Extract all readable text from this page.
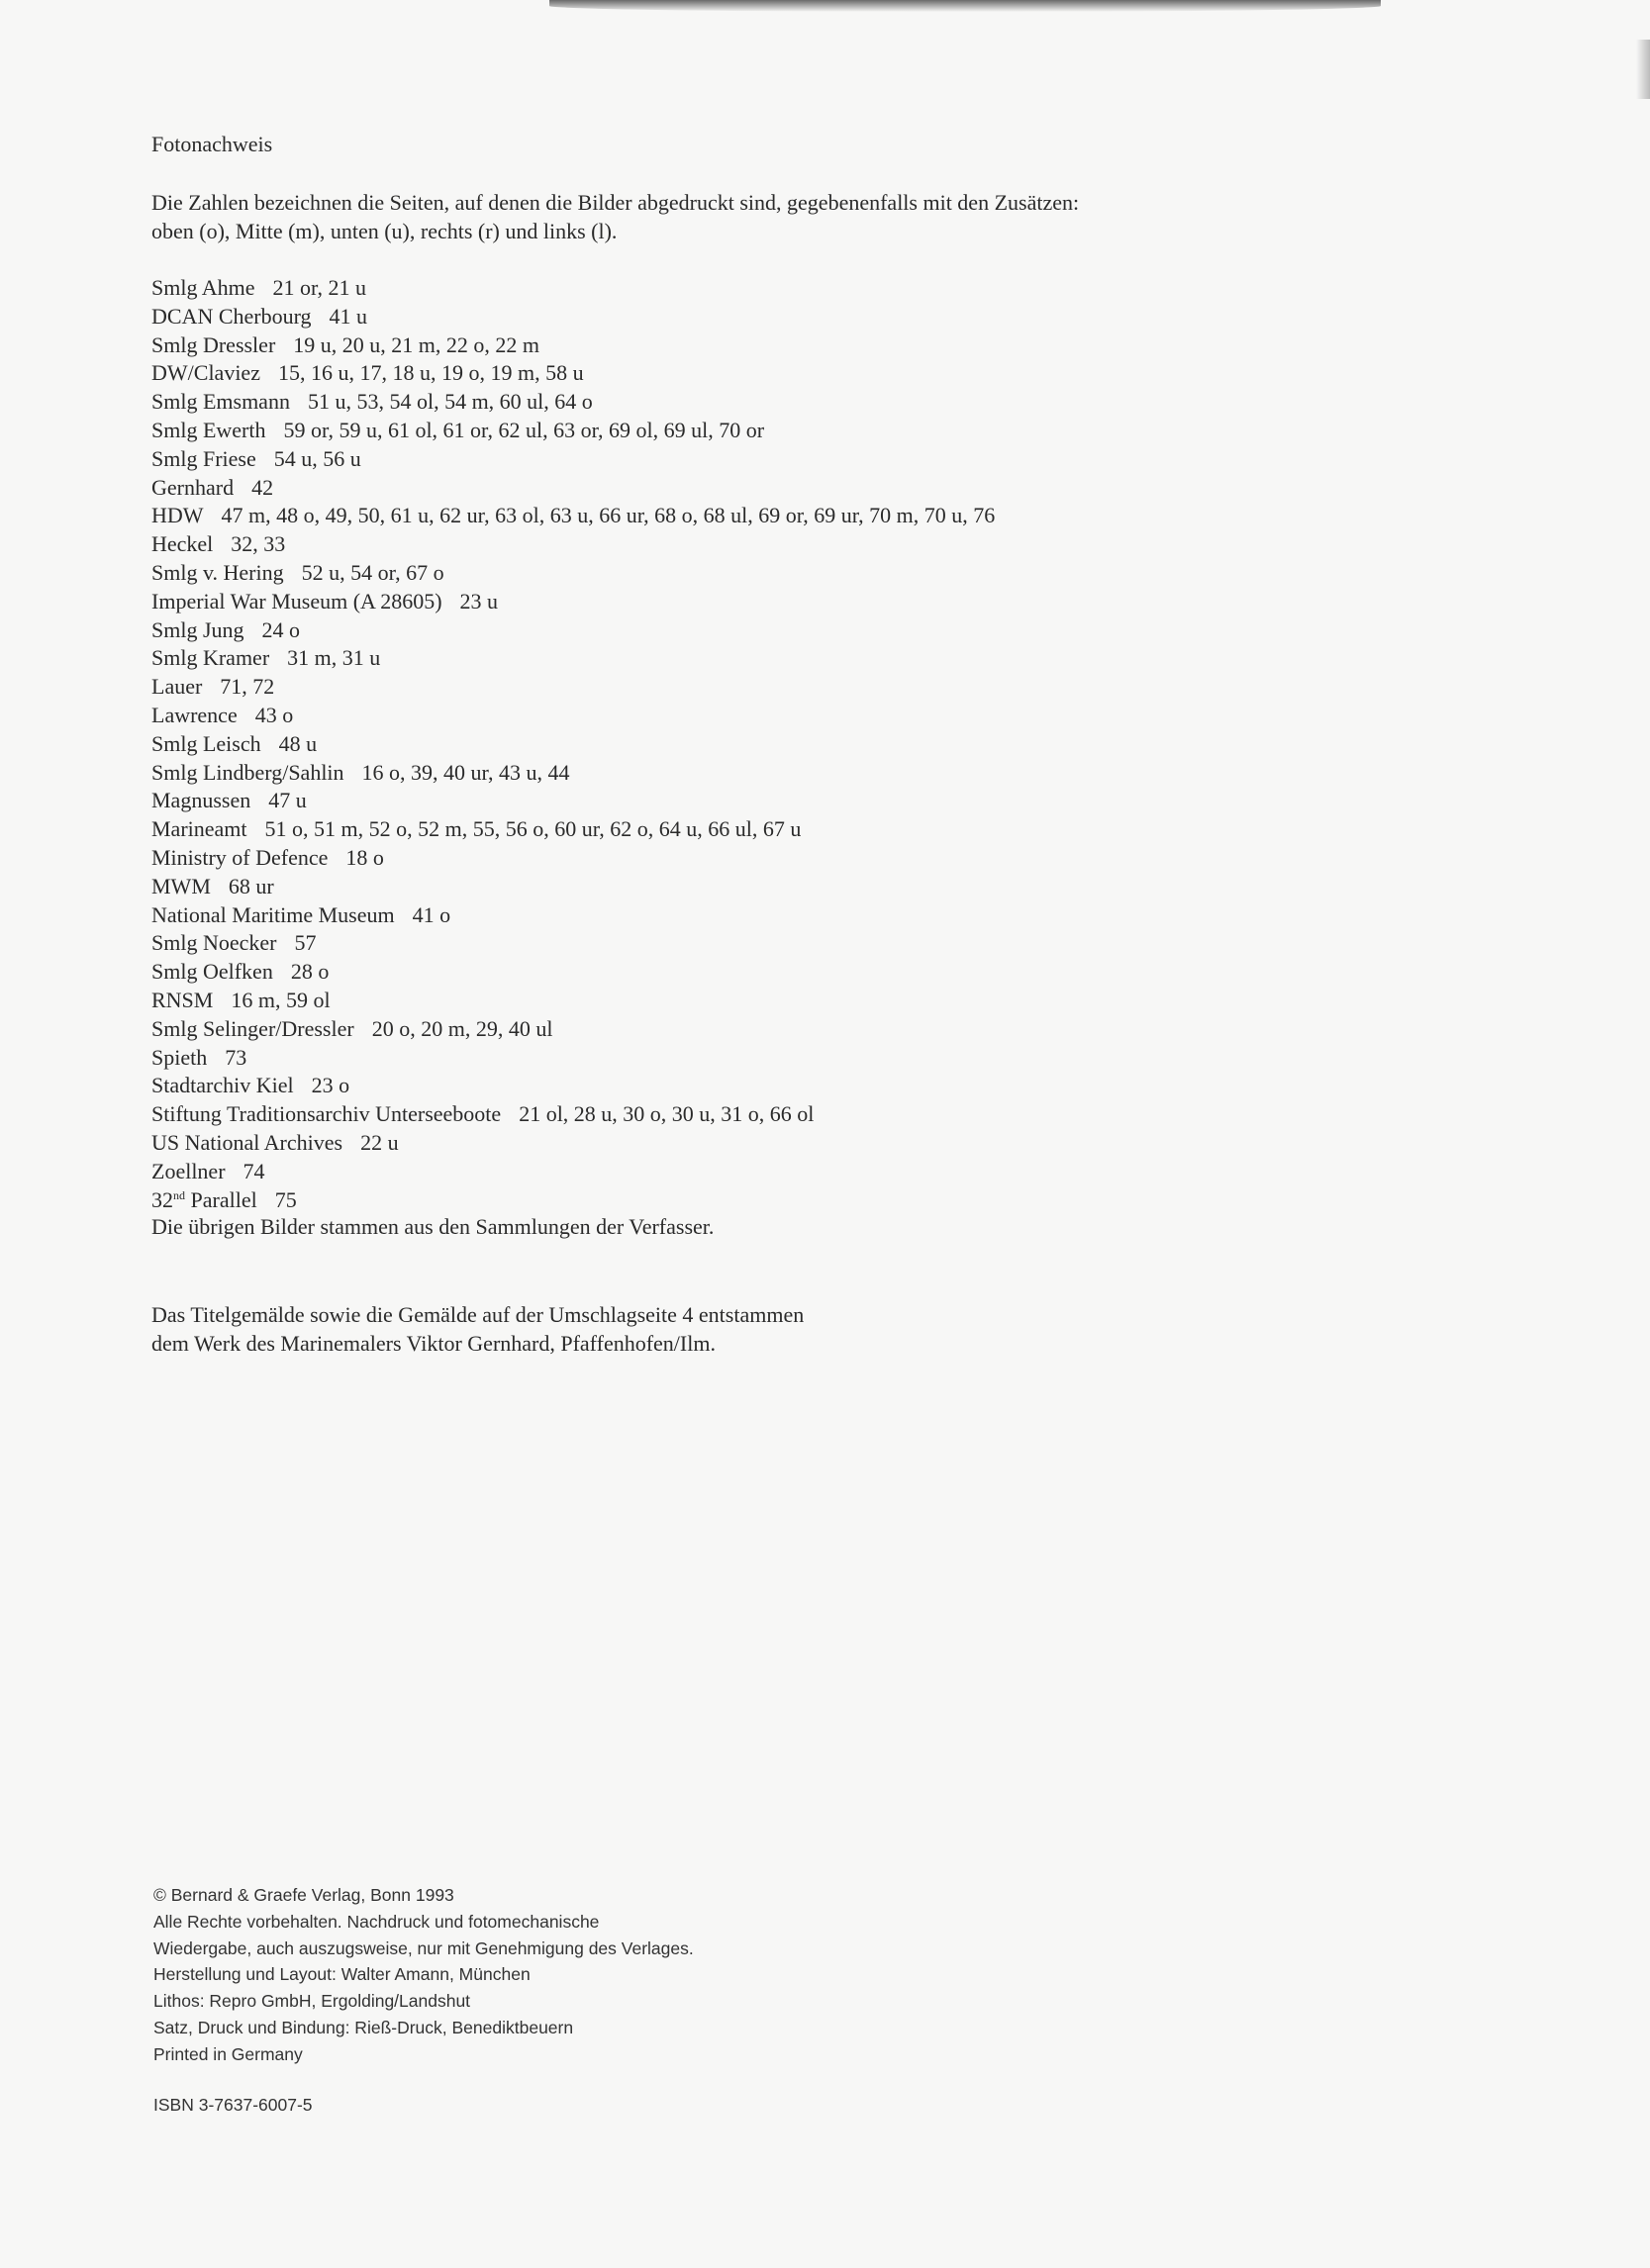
Fotonachweis
Die Zahlen bezeichnen die Seiten, auf denen die Bilder abgedruckt sind, gegebenenfalls mit den Zusätzen:
oben (o), Mitte (m), unten (u), rechts (r) und links (l).
Smlg Ahme 21 or, 21 u
DCAN Cherbourg 41 u
Smlg Dressler 19 u, 20 u, 21 m, 22 o, 22 m
DW/Claviez 15, 16 u, 17, 18 u, 19 o, 19 m, 58 u
Smlg Emsmann 51 u, 53, 54 ol, 54 m, 60 ul, 64 o
Smlg Ewerth 59 or, 59 u, 61 ol, 61 or, 62 ul, 63 or, 69 ol, 69 ul, 70 or
Smlg Friese 54 u, 56 u
Gernhard 42
HDW 47 m, 48 o, 49, 50, 61 u, 62 ur, 63 ol, 63 u, 66 ur, 68 o, 68 ul, 69 or, 69 ur, 70 m, 70 u, 76
Heckel 32, 33
Smlg v. Hering 52 u, 54 or, 67 o
Imperial War Museum (A 28605) 23 u
Smlg Jung 24 o
Smlg Kramer 31 m, 31 u
Lauer 71, 72
Lawrence 43 o
Smlg Leisch 48 u
Smlg Lindberg/Sahlin 16 o, 39, 40 ur, 43 u, 44
Magnussen 47 u
Marineamt 51 o, 51 m, 52 o, 52 m, 55, 56 o, 60 ur, 62 o, 64 u, 66 ul, 67 u
Ministry of Defence 18 o
MWM 68 ur
National Maritime Museum 41 o
Smlg Noecker 57
Smlg Oelfken 28 o
RNSM 16 m, 59 ol
Smlg Selinger/Dressler 20 o, 20 m, 29, 40 ul
Spieth 73
Stadtarchiv Kiel 23 o
Stiftung Traditionsarchiv Unterseeboote 21 ol, 28 u, 30 o, 30 u, 31 o, 66 ol
US National Archives 22 u
Zoellner 74
32nd Parallel 75
Die übrigen Bilder stammen aus den Sammlungen der Verfasser.
Das Titelgemälde sowie die Gemälde auf der Umschlagseite 4 entstammen
dem Werk des Marinemalers Viktor Gernhard, Pfaffenhofen/Ilm.
© Bernard & Graefe Verlag, Bonn 1993
Alle Rechte vorbehalten. Nachdruck und fotomechanische
Wiedergabe, auch auszugsweise, nur mit Genehmigung des Verlages.
Herstellung und Layout: Walter Amann, München
Lithos: Repro GmbH, Ergolding/Landshut
Satz, Druck und Bindung: Rieß-Druck, Benediktbeuern
Printed in Germany
ISBN 3-7637-6007-5
